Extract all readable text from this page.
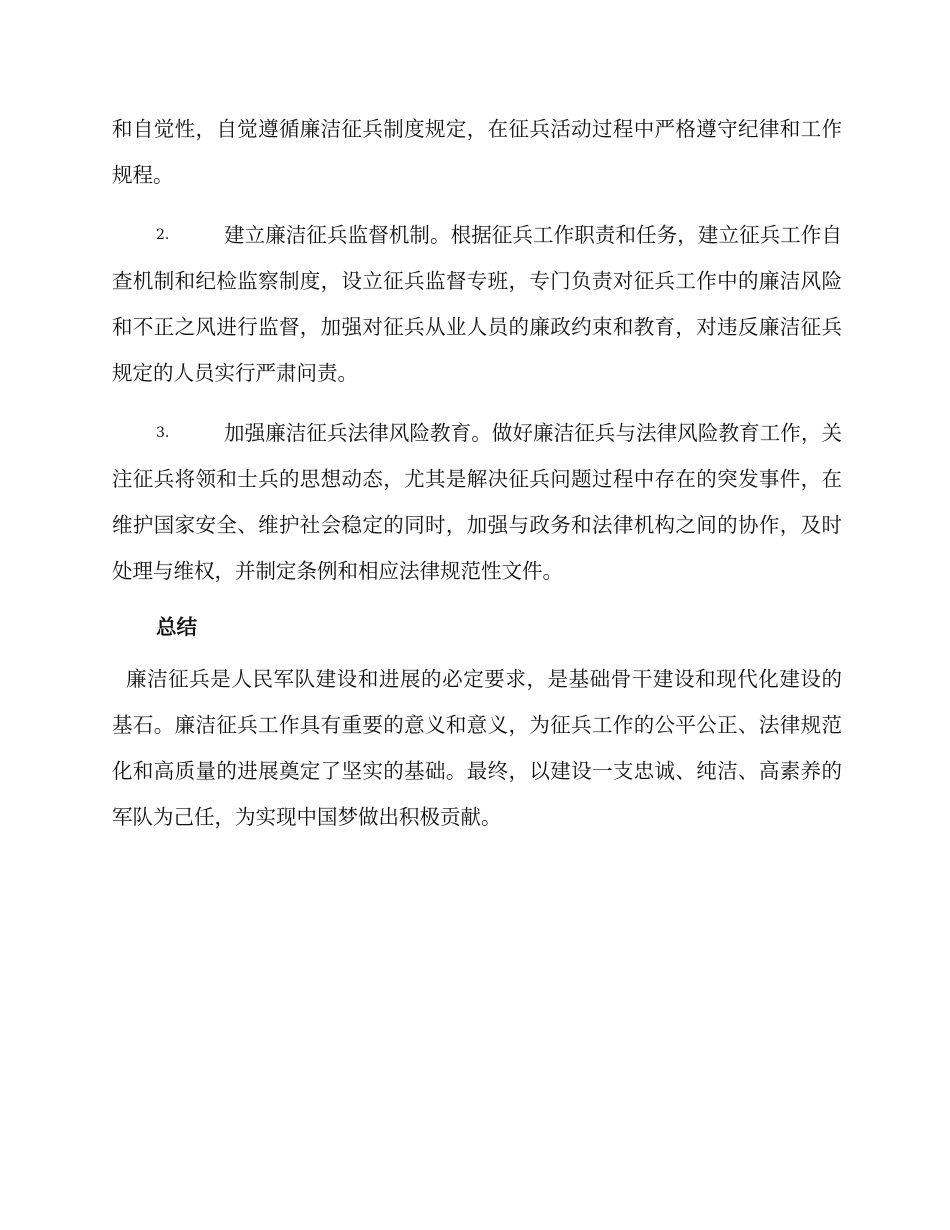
和自觉性，自觉遵循廉洁征兵制度规定，在征兵活动过程中严格遵守纪律和工作规程。

2.	建立廉洁征兵监督机制。根据征兵工作职责和任务，建立征兵工作自查机制和纪检监察制度，设立征兵监督专班，专门负责对征兵工作中的廉洁风险和不正之风进行监督，加强对征兵从业人员的廉政约束和教育，对违反廉洁征兵规定的人员实行严肃问责。

3.	加强廉洁征兵法律风险教育。做好廉洁征兵与法律风险教育工作，关注征兵将领和士兵的思想动态，尤其是解决征兵问题过程中存在的突发事件，在维护国家安全、维护社会稳定的同时，加强与政务和法律机构之间的协作，及时处理与维权，并制定条例和相应法律规范性文件。

总结

廉洁征兵是人民军队建设和进展的必定要求，是基础骨干建设和现代化建设的基石。廉洁征兵工作具有重要的意义和意义，为征兵工作的公平公正、法律规范化和高质量的进展奠定了坚实的基础。最终，以建设一支忠诚、纯洁、高素养的军队为己任，为实现中国梦做出积极贡献。
